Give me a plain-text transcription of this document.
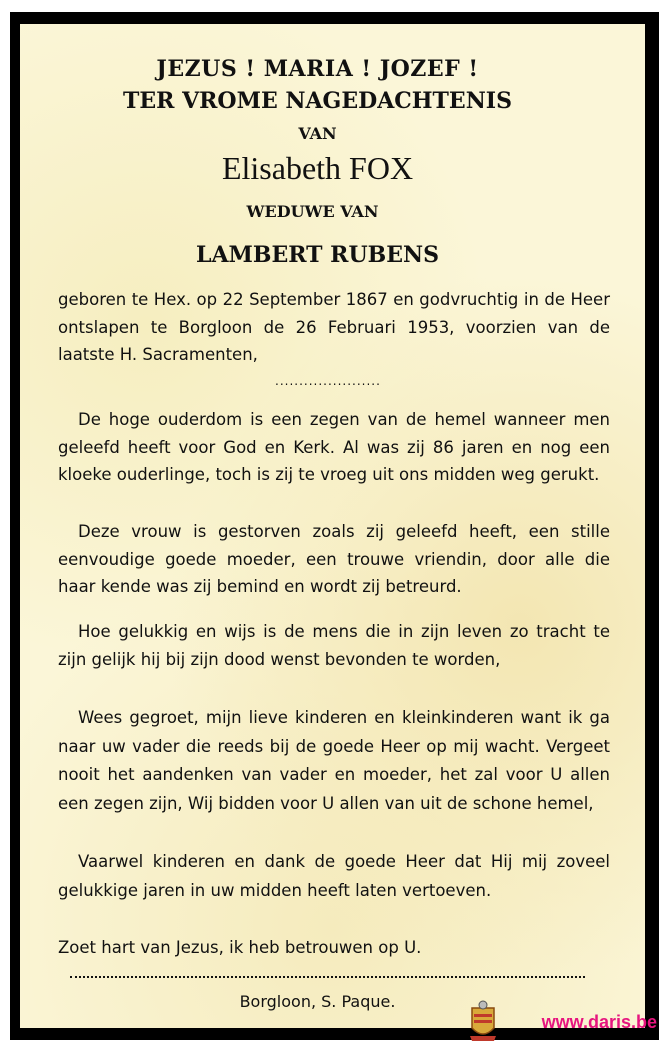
JEZUS ! MARIA ! JOZEF !
TER VROME NAGEDACHTENIS
VAN
Elisabeth FOX
WEDUWE VAN
LAMBERT RUBENS
geboren te Hex. op 22 September 1867 en godvruchtig in de Heer ontslapen te Borgloon de 26 Februari 1953, voorzien van de laatste H. Sacramenten,
......................
De hoge ouderdom is een zegen van de hemel wanneer men geleefd heeft voor God en Kerk. Al was zij 86 jaren en nog een kloeke ouderlinge, toch is zij te vroeg uit ons midden weg gerukt.
Deze vrouw is gestorven zoals zij geleefd heeft, een stille eenvoudige goede moeder, een trouwe vriendin, door alle die haar kende was zij bemind en wordt zij betreurd.
Hoe gelukkig en wijs is de mens die in zijn leven zo tracht te zijn gelijk hij bij zijn dood wenst bevonden te worden,
Wees gegroet, mijn lieve kinderen en kleinkinderen want ik ga naar uw vader die reeds bij de goede Heer op mij wacht. Vergeet nooit het aandenken van vader en moeder, het zal voor U allen een zegen zijn, Wij bidden voor U allen van uit de schone hemel,
Vaarwel kinderen en dank de goede Heer dat Hij mij zoveel gelukkige jaren in uw midden heeft laten vertoeven.
Zoet hart van Jezus, ik heb betrouwen op U.
Borgloon, S. Paque.
www.daris.be
